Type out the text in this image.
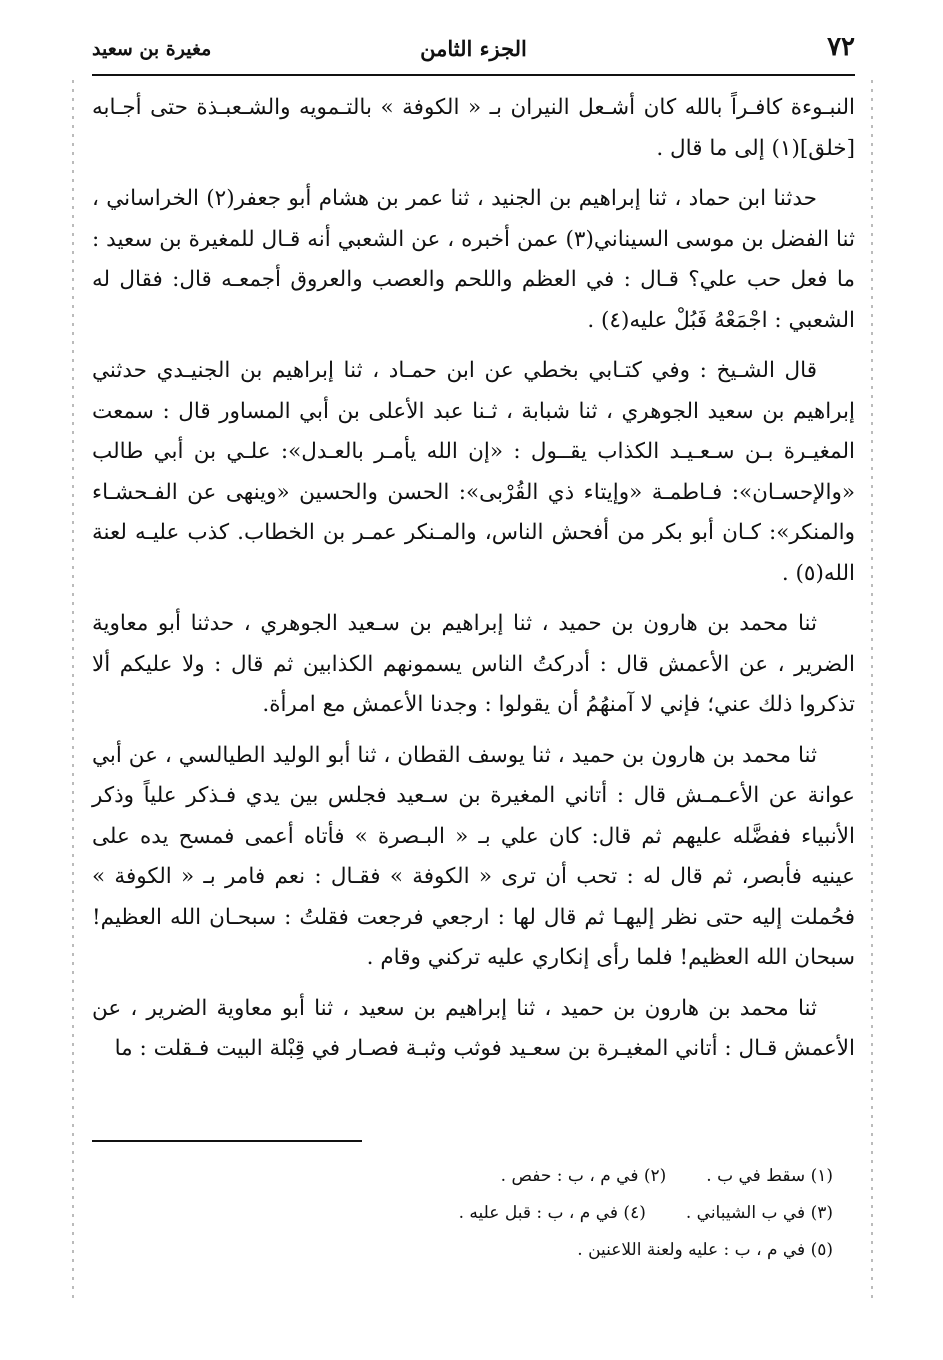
٧٢
الجزء الثامن
مغيرة بن سعيد

النبـوءة كافـراً بالله كان أشـعل النيران بـ « الكوفة » بالتـمويه والشـعبـذة حتى أجـابه [خلق](١) إلى ما قال .

حدثنا ابن حماد ، ثنا إبراهيم بن الجنيد ، ثنا عمر بن هشام أبو جعفر(٢) الخراساني ، ثنا الفضل بن موسى السيناني(٣) عمن أخبره ، عن الشعبي أنه قـال للمغيرة بن سعيد : ما فعل حب علي؟ قـال : في العظم واللحم والعصب والعروق أجمعـه قال: فقال له الشعبي : اجْمَعْهُ فَبُلْ عليه(٤) .

قال الشـيخ : وفي كتـابي بخطي عن ابن حمـاد ، ثنا إبراهيم بن الجنيـدي حدثني إبراهيم بن سعيد الجوهري ، ثنا شبابة ، ثـنا عبد الأعلى بن أبي المساور قال : سمعت المغيـرة بـن سـعـيـد الكذاب يقــول : «إن الله يأمـر بالعـدل»: علـي بن أبي طالب «والإحسـان»: فـاطمـة «وإيتاء ذي القُرْبى»: الحسن والحسين «وينهى عن الفـحشـاء والمنكر»: كـان أبو بكر من أفحش الناس، والمـنكر عمـر بن الخطاب. كذب عليـه لعنة الله(٥) .

ثنا محمد بن هارون بن حميد ، ثنا إبراهيم بن سـعيد الجوهري ، حدثنا أبو معاوية الضرير ، عن الأعمش قال : أدركتُ الناس يسمونهم الكذابين ثم قال : ولا عليكم ألا تذكروا ذلك عني؛ فإني لا آمنهُمُ أن يقولوا : وجدنا الأعمش مع امرأة.

ثنا محمد بن هارون بن حميد ، ثنا يوسف القطان ، ثنا أبو الوليد الطيالسي ، عن أبي عوانة عن الأعـمـش قال : أتاني المغيرة بن سـعيد فجلس بين يدي فـذكر علياً وذكر الأنبياء ففضَّله عليهم ثم قال: كان علي بـ « البـصرة » فأتاه أعمى فمسح يده على عينيه فأبصر، ثم قال له : تحب أن ترى « الكوفة » فقـال : نعم فامر بـ « الكوفة » فحُملت إليه حتى نظر إليهـا ثم قال لها : ارجعي فرجعت فقلتُ : سبحـان الله العظيم! سبحان الله العظيم! فلما رأى إنكاري عليه تركني وقام .

ثنا محمد بن هارون بن حميد ، ثنا إبراهيم بن سعيد ، ثنا أبو معاوية الضرير ، عن الأعمش قـال : أتاني المغيـرة بن سعـيد فوثب وثبـة فصـار في قِبْلة البيت فـقلت : ما

(١) سقط في ب .
(٢) في م ، ب : حفص .
(٣) في ب الشيباني .
(٤) في م ، ب : قبل عليه .
(٥) في م ، ب : عليه ولعنة اللاعنين .
